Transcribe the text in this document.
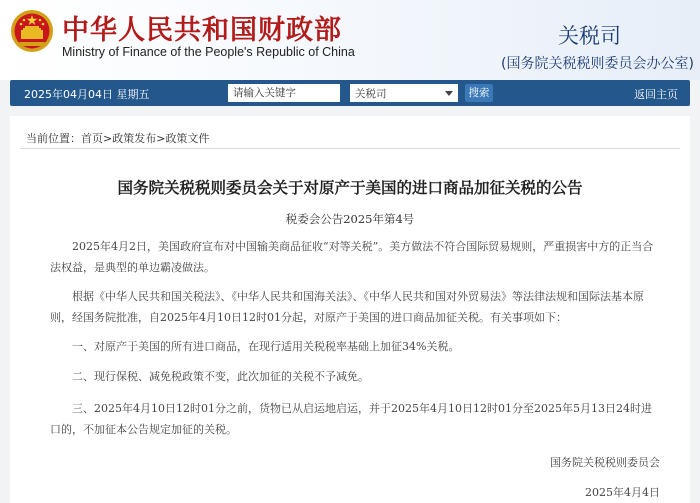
中华人民共和国财政部
Ministry of Finance of the People's Republic of China
关税司
(国务院关税税则委员会办公室)
2025年04月04日 星期五
请输入关键字	关税司	搜索	返回主页
当前位置：首页>政策发布>政策文件
国务院关税税则委员会关于对原产于美国的进口商品加征关税的公告
税委会公告2025年第4号
2025年4月2日，美国政府宣布对中国输美商品征收“对等关税”。美方做法不符合国际贸易规则，严重损害中方的正当合法权益，是典型的单边霸凌做法。
根据《中华人民共和国关税法》、《中华人民共和国海关法》、《中华人民共和国对外贸易法》等法律法规和国际法基本原则，经国务院批准，自2025年4月10日12时01分起，对原产于美国的进口商品加征关税。有关事项如下：
一、对原产于美国的所有进口商品，在现行适用关税税率基础上加征34%关税。
二、现行保税、减免税政策不变，此次加征的关税不予减免。
三、2025年4月10日12时01分之前，货物已从启运地启运，并于2025年4月10日12时01分至2025年5月13日24时进口的，不加征本公告规定加征的关税。
国务院关税税则委员会
2025年4月4日
